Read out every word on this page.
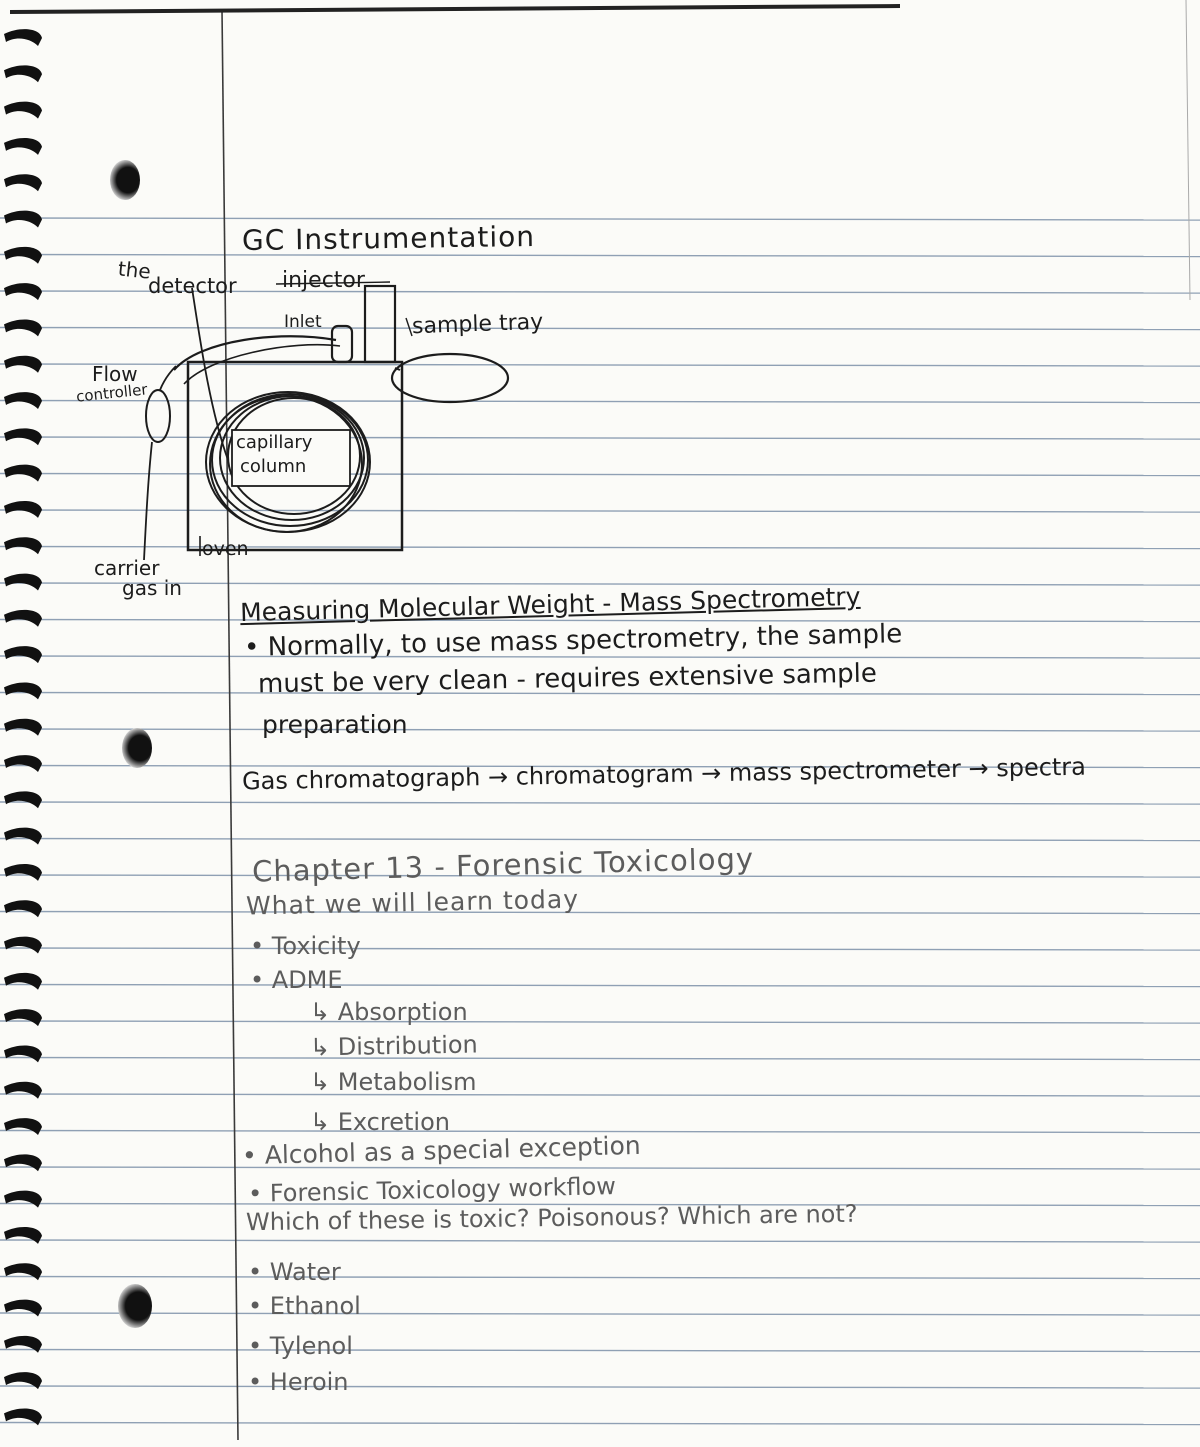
GC Instrumentation
the
detector injector
Inlet	sample tray
Flow
controller
capillary
column
oven
carrier
gas in Measuring Molecular Weight - Mass Spectrometry
• Normally, to use mass spectrometry, the sample
must be very clean - requires extensive sample
preparation
Gas chromatograph → chromatogram → mass spectrometer → spectra
Chapter 13 - Forensic Toxicology
What we will learn today
• Toxicity
• ADME
↳ Absorption
↳ Distribution
↳ Metabolism
↳ Excretion
• Alcohol as a special exception
• Forensic Toxicology workflow
Which of these is toxic? Poisonous? Which are not?
• Water
• Ethanol
• Tylenol
• Heroin
